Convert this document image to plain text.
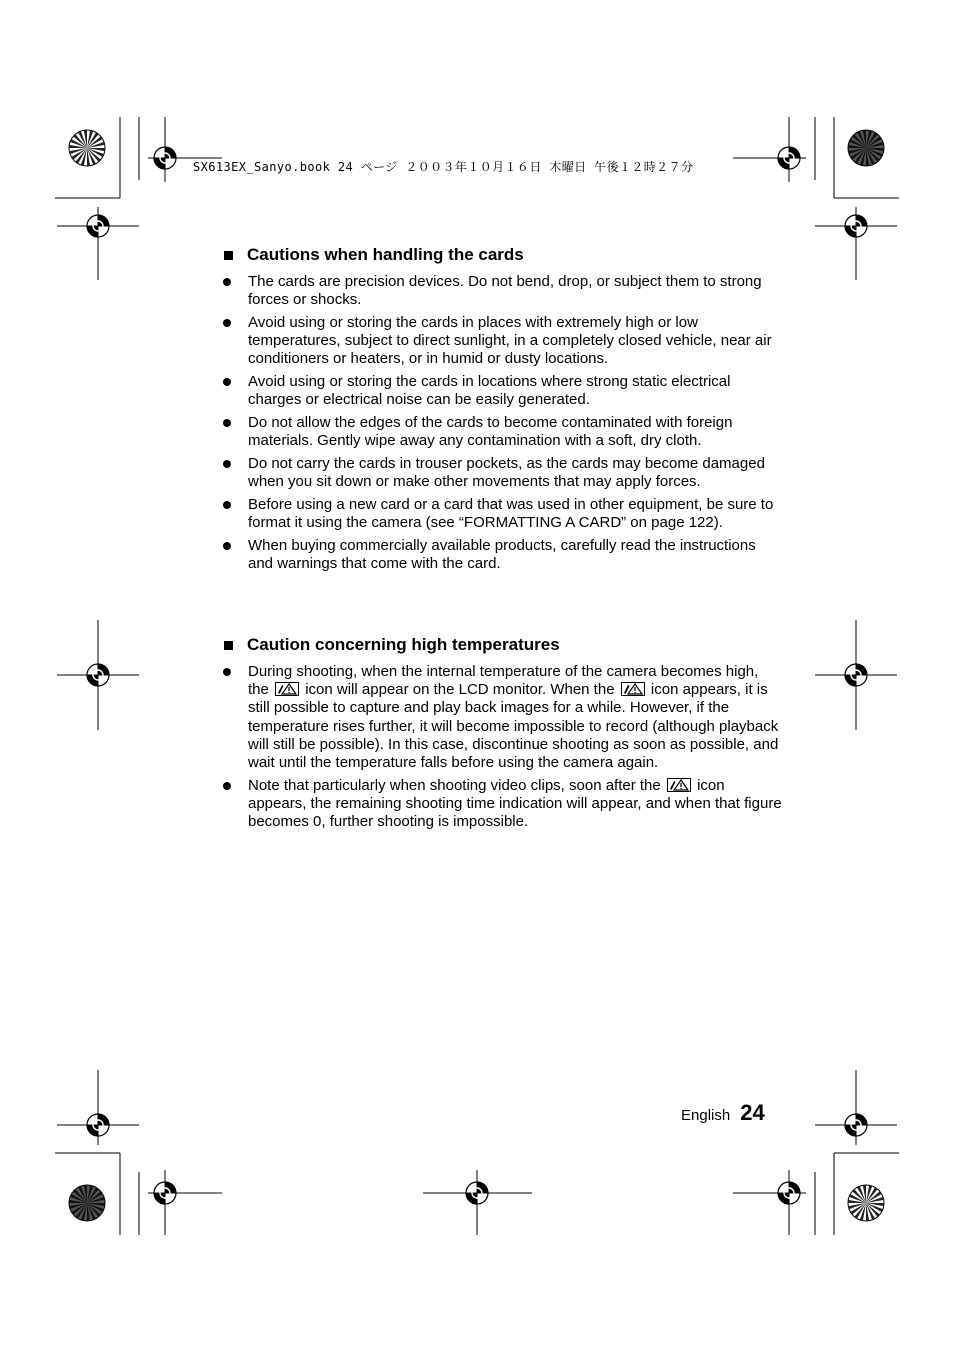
SX613EX_Sanyo.book 24 ページ ２００３年１０月１６日 木曜日 午後１２時２７分
Cautions when handling the cards
The cards are precision devices. Do not bend, drop, or subject them to strong forces or shocks.
Avoid using or storing the cards in places with extremely high or low temperatures, subject to direct sunlight, in a completely closed vehicle, near air conditioners or heaters, or in humid or dusty locations.
Avoid using or storing the cards in locations where strong static electrical charges or electrical noise can be easily generated.
Do not allow the edges of the cards to become contaminated with foreign materials. Gently wipe away any contamination with a soft, dry cloth.
Do not carry the cards in trouser pockets, as the cards may become damaged when you sit down or make other movements that may apply forces.
Before using a new card or a card that was used in other equipment, be sure to format it using the camera (see “FORMATTING A CARD” on page 122).
When buying commercially available products, carefully read the instructions and warnings that come with the card.
Caution concerning high temperatures
During shooting, when the internal temperature of the camera becomes high, the icon will appear on the LCD monitor. When the icon appears, it is still possible to capture and play back images for a while. However, if the temperature rises further, it will become impossible to record (although playback will still be possible). In this case, discontinue shooting as soon as possible, and wait until the temperature falls before using the camera again.
Note that particularly when shooting video clips, soon after the icon appears, the remaining shooting time indication will appear, and when that figure becomes 0, further shooting is impossible.
English 24
